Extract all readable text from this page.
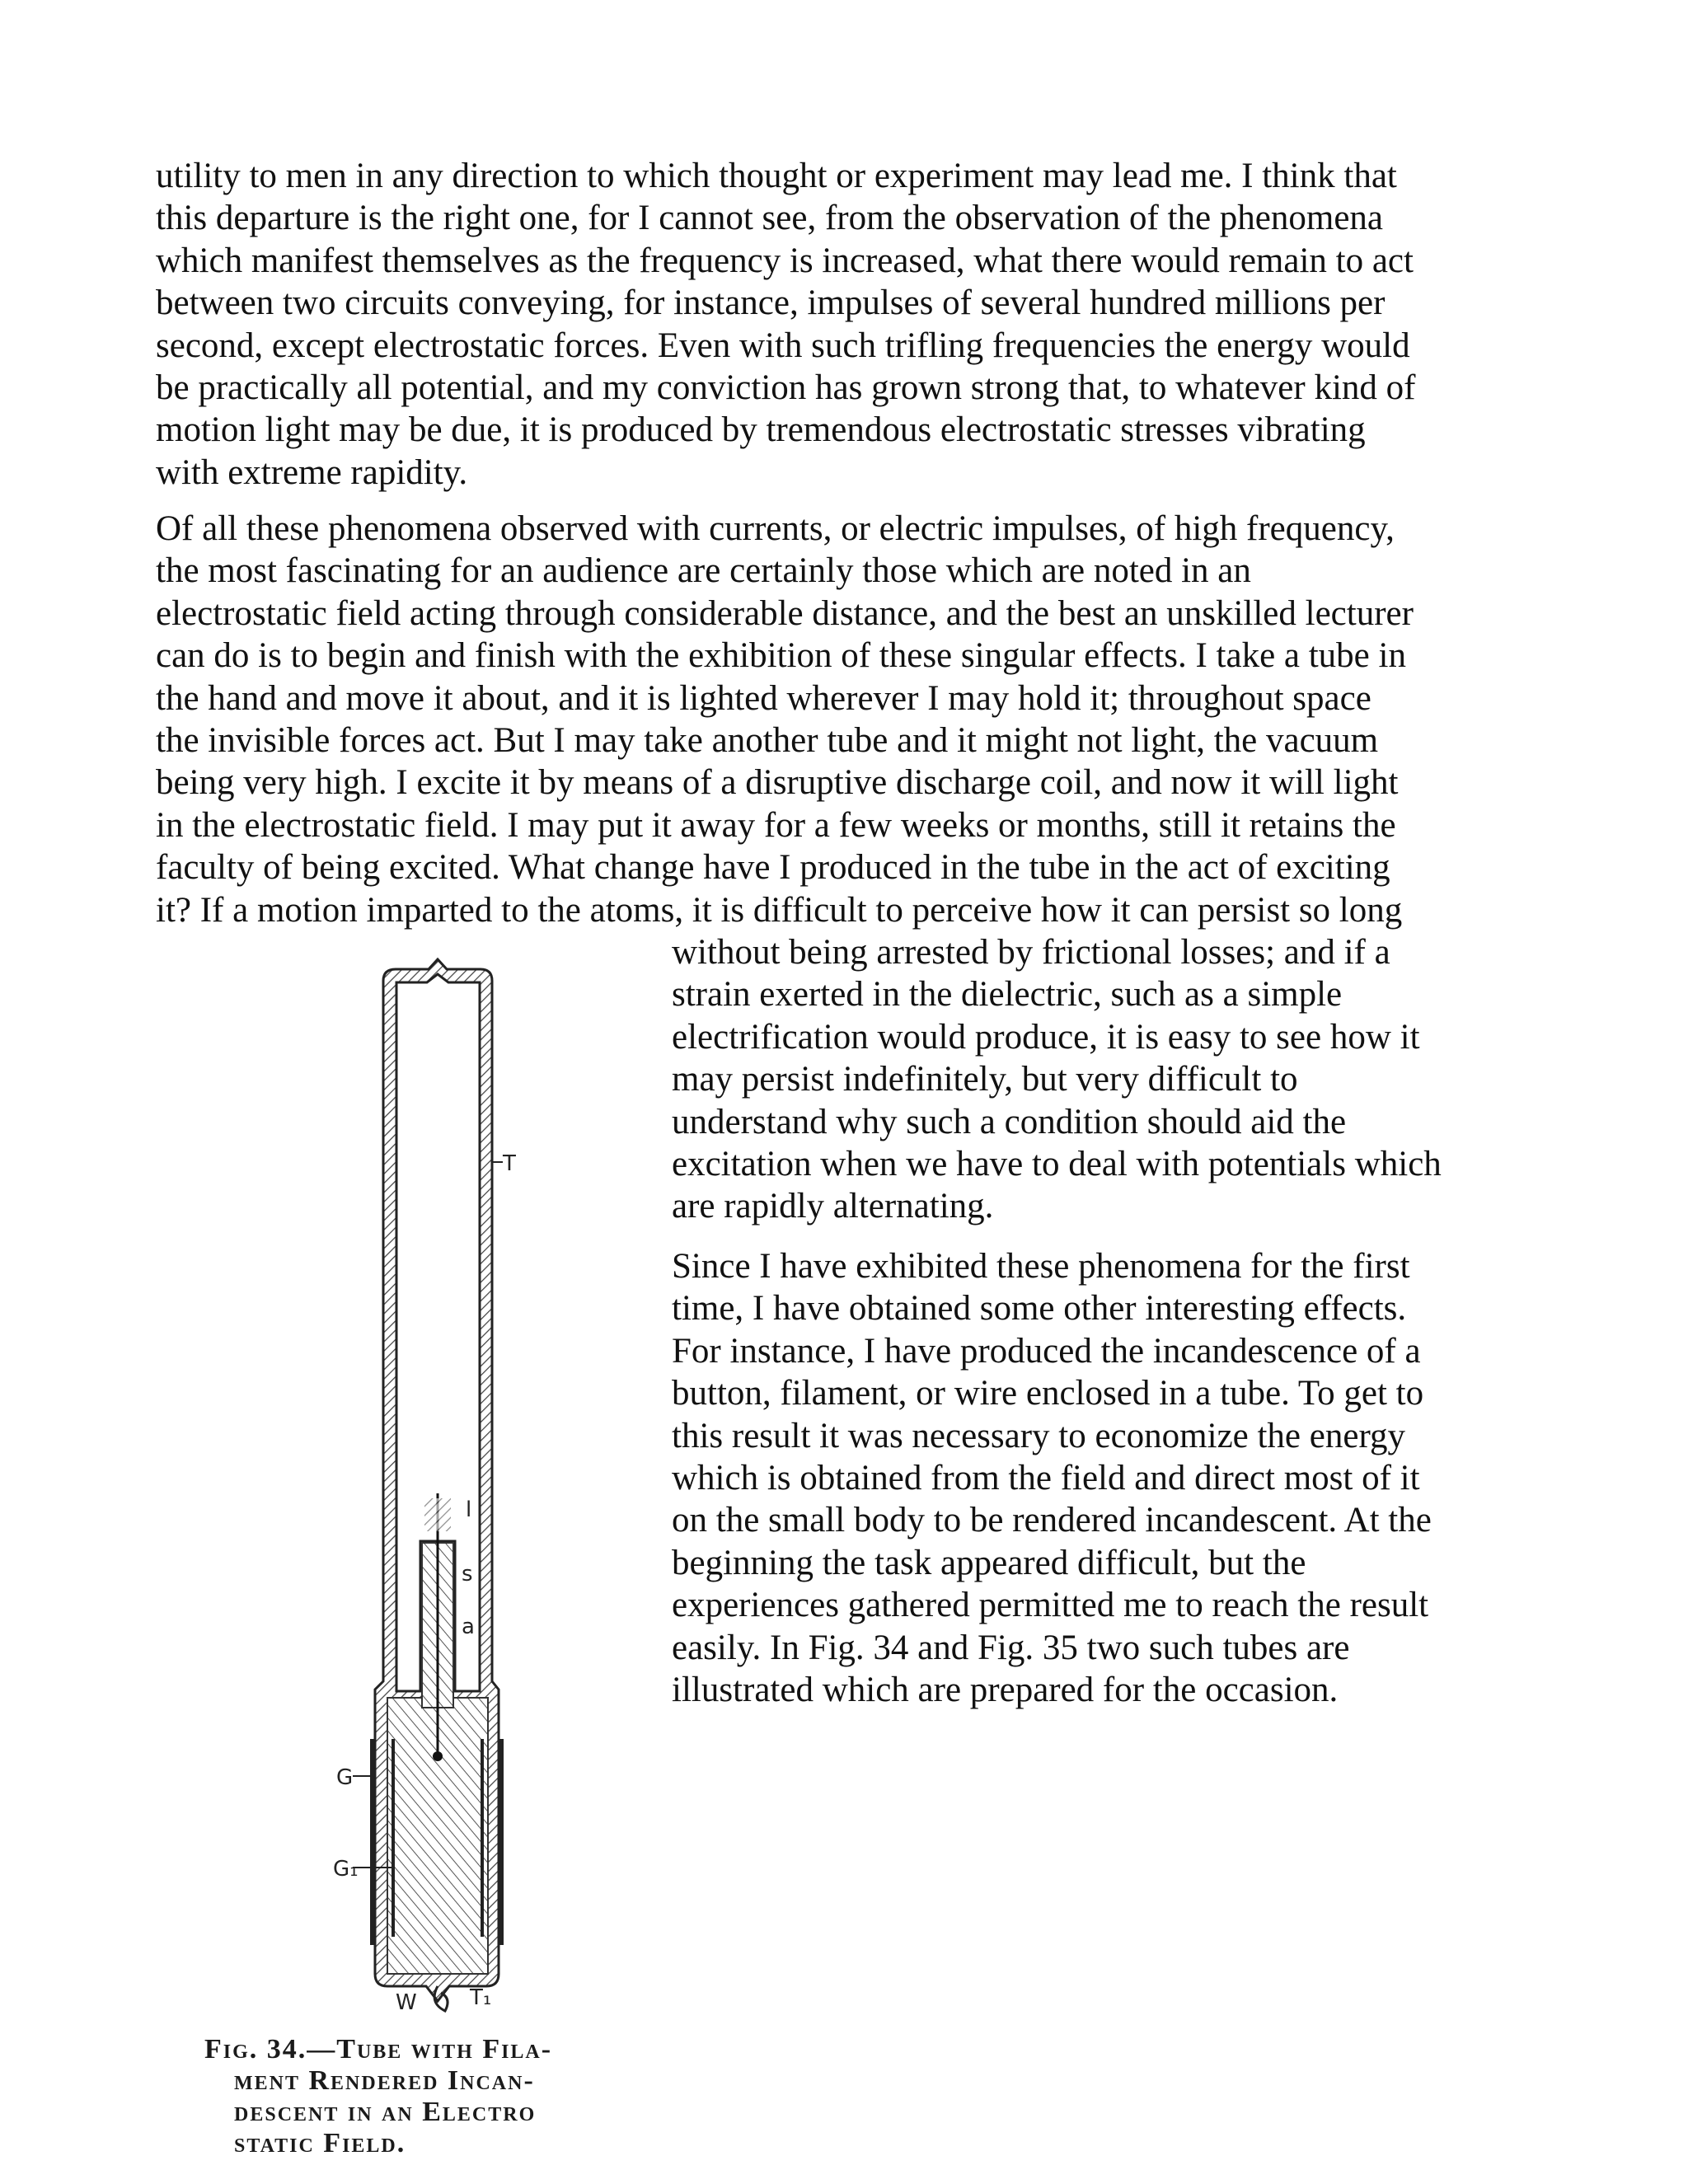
utility to men in any direction to which thought or experiment may lead me. I think that
this departure is the right one, for I cannot see, from the observation of the phenomena
which manifest themselves as the frequency is increased, what there would remain to act
between two circuits conveying, for instance, impulses of several hundred millions per
second, except electrostatic forces. Even with such trifling frequencies the energy would
be practically all potential, and my conviction has grown strong that, to whatever kind of
motion light may be due, it is produced by tremendous electrostatic stresses vibrating
with extreme rapidity.
Of all these phenomena observed with currents, or electric impulses, of high frequency,
the most fascinating for an audience are certainly those which are noted in an
electrostatic field acting through considerable distance, and the best an unskilled lecturer
can do is to begin and finish with the exhibition of these singular effects. I take a tube in
the hand and move it about, and it is lighted wherever I may hold it; throughout space
the invisible forces act. But I may take another tube and it might not light, the vacuum
being very high. I excite it by means of a disruptive discharge coil, and now it will light
in the electrostatic field. I may put it away for a few weeks or months, still it retains the
faculty of being excited. What change have I produced in the tube in the act of exciting
it? If a motion imparted to the atoms, it is difficult to perceive how it can persist so long
without being arrested by frictional losses; and if a
strain exerted in the dielectric, such as a simple
electrification would produce, it is easy to see how it
may persist indefinitely, but very difficult to
understand why such a condition should aid the
excitation when we have to deal with potentials which
are rapidly alternating.
Since I have exhibited these phenomena for the first
time, I have obtained some other interesting effects.
For instance, I have produced the incandescence of a
button, filament, or wire enclosed in a tube. To get to
this result it was necessary to economize the energy
which is obtained from the field and direct most of it
on the small body to be rendered incandescent. At the
beginning the task appeared difficult, but the
experiences gathered permitted me to reach the result
easily. In Fig. 34 and Fig. 35 two such tubes are
illustrated which are prepared for the occasion.
T
l
s
a
G
G₁
W T₁
Fig. 34.—Tube with Fila-
ment Rendered Incan-
descent in an Electro
static Field.
